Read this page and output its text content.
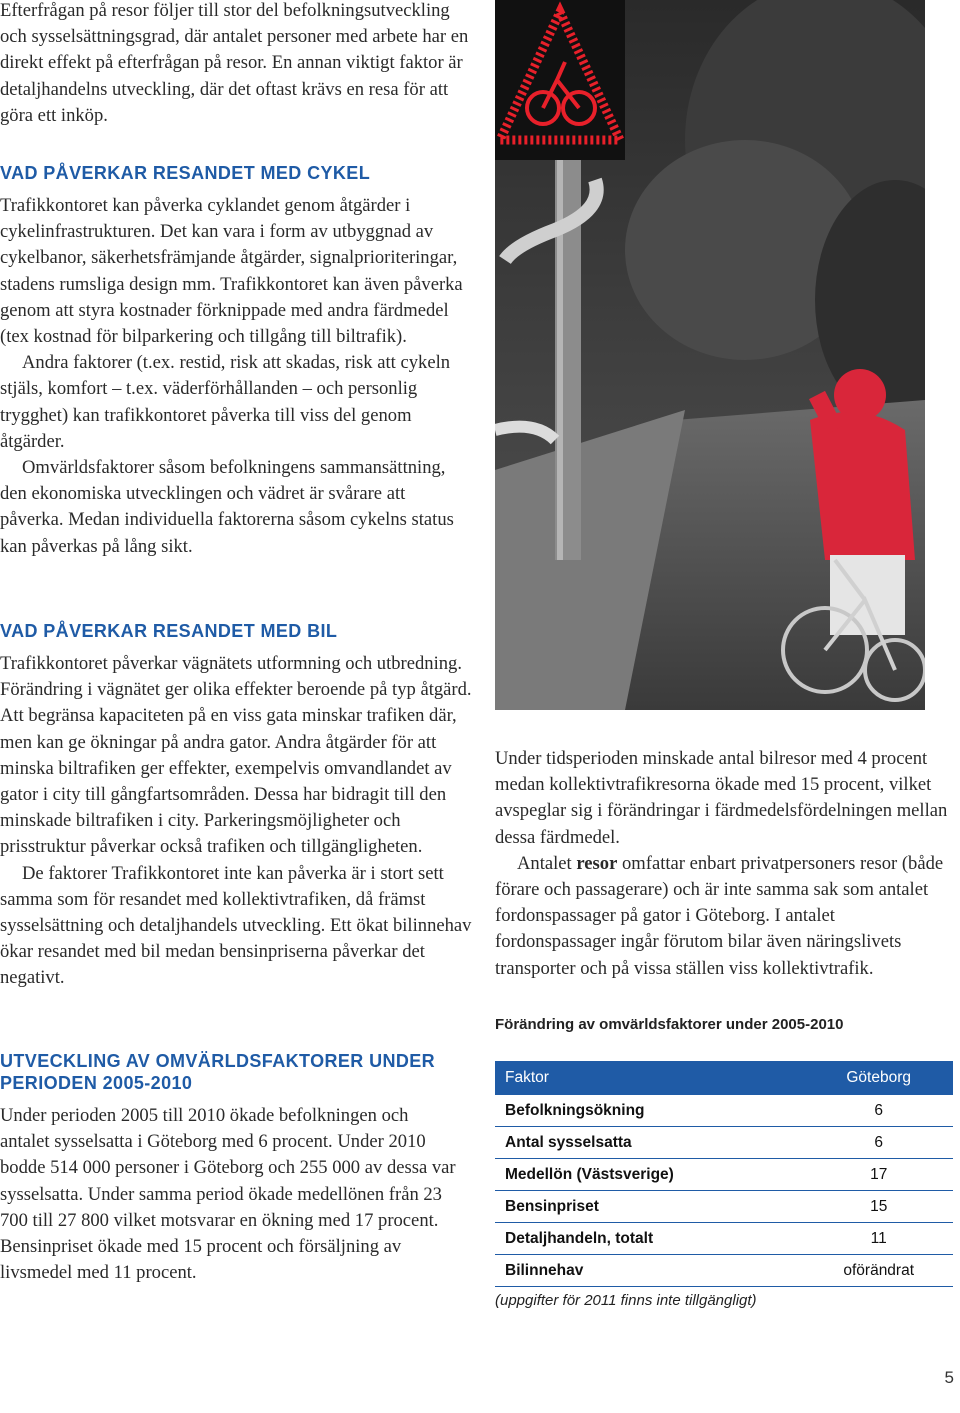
Efterfrågan på resor följer till stor del befolkningsutveckling och sysselsättningsgrad, där antalet personer med arbete har en direkt effekt på efterfrågan på resor. En annan viktigt faktor är detaljhandelns utveckling, där det oftast krävs en resa för att göra ett inköp.

VAD PÅVERKAR RESANDET MED CYKEL

Trafikkontoret kan påverka cyklandet genom åtgärder i cykelinfrastrukturen. Det kan vara i form av utbyggnad av cykelbanor, säkerhetsfrämjande åtgärder, signalprioriteringar, stadens rumsliga design mm. Trafikkontoret kan även påverka genom att styra kostnader förknippade med andra färdmedel (tex kostnad för bilparkering och tillgång till biltrafik).

Andra faktorer (t.ex. restid, risk att skadas, risk att cykeln stjäls, komfort – t.ex. väderförhållanden – och personlig trygghet) kan trafikkontoret påverka till viss del genom åtgärder.

Omvärldsfaktorer såsom befolkningens sammansättning, den ekonomiska utvecklingen och vädret är svårare att påverka. Medan individuella faktorerna såsom cykelns status kan påverkas på lång sikt.

VAD PÅVERKAR RESANDET MED BIL

Trafikkontoret påverkar vägnätets utformning och utbredning. Förändring i vägnätet ger olika effekter beroende på typ åtgärd. Att begränsa kapaciteten på en viss gata minskar trafiken där, men kan ge ökningar på andra gator. Andra åtgärder för att minska biltrafiken ger effekter, exempelvis omvandlandet av gator i city till gångfartsområden. Dessa har bidragit till den minskade biltrafiken i city. Parkeringsmöjligheter och prisstruktur påverkar också trafiken och tillgängligheten.

De faktorer Trafikkontoret inte kan påverka är i stort sett samma som för resandet med kollektivtrafiken, då främst sysselsättning och detaljhandels utveckling. Ett ökat bilinnehav ökar resandet med bil medan bensinpriserna påverkar det negativt.

UTVECKLING AV OMVÄRLDSFAKTORER UNDER PERIODEN 2005-2010

Under perioden 2005 till 2010 ökade befolkningen och antalet sysselsatta i Göteborg med 6 procent. Under 2010 bodde 514 000 personer i Göteborg och 255 000 av dessa var sysselsatta. Under samma period ökade medellönen från 23 700 till 27 800 vilket motsvarar en ökning med 17 procent. Bensinpriset ökade med 15 procent och försäljning av livsmedel med 11 procent.

Under tidsperioden minskade antal bilresor med 4 procent medan kollektivtrafikresorna ökade med 15 procent, vilket avspeglar sig i förändringar i färdmedelsfördelningen mellan dessa färdmedel.

Antalet resor omfattar enbart privatpersoners resor (både förare och passagerare) och är inte samma sak som antalet fordonspassager på gator i Göteborg. I antalet fordonspassager ingår förutom bilar även näringslivets transporter och på vissa ställen viss kollektivtrafik.

Förändring av omvärldsfaktorer under 2005-2010
Faktor	Göteborg
Befolkningsökning	6
Antal sysselsatta	6
Medellön (Västsverige)	17
Bensinpriset	15
Detaljhandeln, totalt	11
Bilinnehav	oförändrat
(uppgifter för 2011 finns inte tillgängligt)
5
